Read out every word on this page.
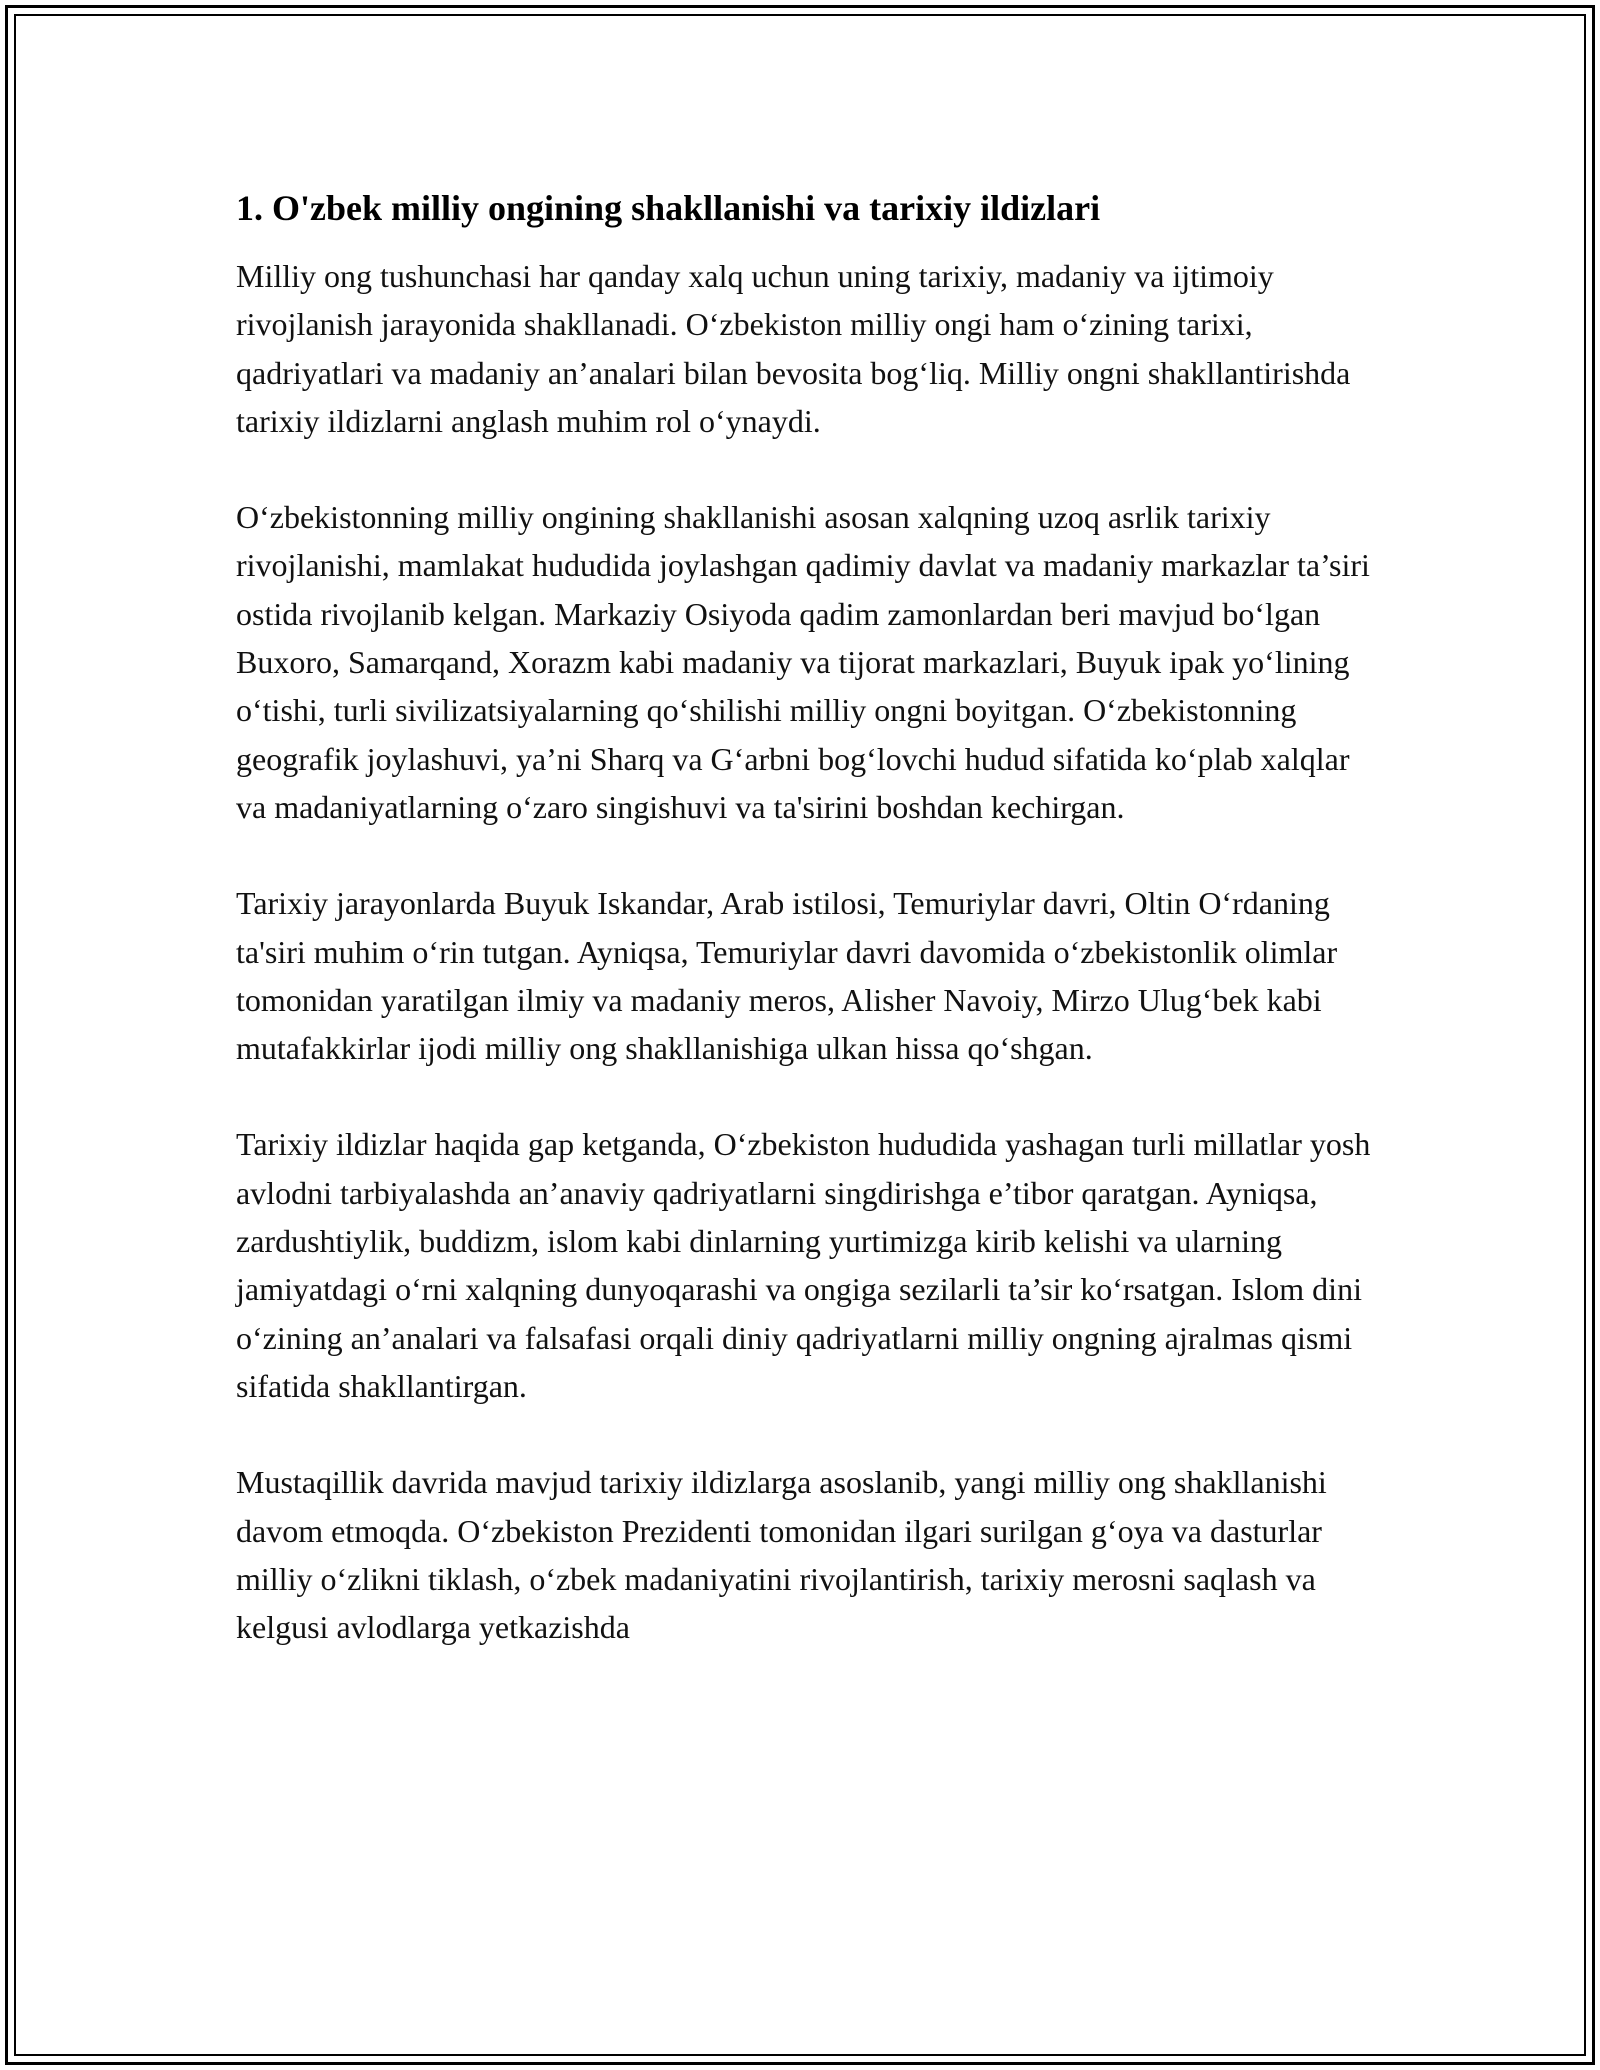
1. O'zbek milliy ongining shakllanishi va tarixiy ildizlari

Milliy ong tushunchasi har qanday xalq uchun uning tarixiy, madaniy va ijtimoiy rivojlanish jarayonida shakllanadi. O‘zbekiston milliy ongi ham o‘zining tarixi, qadriyatlari va madaniy an’analari bilan bevosita bog‘liq. Milliy ongni shakllantirishda tarixiy ildizlarni anglash muhim rol o‘ynaydi.

O‘zbekistonning milliy ongining shakllanishi asosan xalqning uzoq asrlik tarixiy rivojlanishi, mamlakat hududida joylashgan qadimiy davlat va madaniy markazlar ta’siri ostida rivojlanib kelgan. Markaziy Osiyoda qadim zamonlardan beri mavjud bo‘lgan Buxoro, Samarqand, Xorazm kabi madaniy va tijorat markazlari, Buyuk ipak yo‘lining o‘tishi, turli sivilizatsiyalarning qo‘shilishi milliy ongni boyitgan. O‘zbekistonning geografik joylashuvi, ya’ni Sharq va G‘arbni bog‘lovchi hudud sifatida ko‘plab xalqlar va madaniyatlarning o‘zaro singishuvi va ta'sirini boshdan kechirgan.

Tarixiy jarayonlarda Buyuk Iskandar, Arab istilosi, Temuriylar davri, Oltin O‘rdaning ta'siri muhim o‘rin tutgan. Ayniqsa, Temuriylar davri davomida o‘zbekistonlik olimlar tomonidan yaratilgan ilmiy va madaniy meros, Alisher Navoiy, Mirzo Ulug‘bek kabi mutafakkirlar ijodi milliy ong shakllanishiga ulkan hissa qo‘shgan.

Tarixiy ildizlar haqida gap ketganda, O‘zbekiston hududida yashagan turli millatlar yosh avlodni tarbiyalashda an’anaviy qadriyatlarni singdirishga e’tibor qaratgan. Ayniqsa, zardushtiylik, buddizm, islom kabi dinlarning yurtimizga kirib kelishi va ularning jamiyatdagi o‘rni xalqning dunyoqarashi va ongiga sezilarli ta’sir ko‘rsatgan. Islom dini o‘zining an’analari va falsafasi orqali diniy qadriyatlarni milliy ongning ajralmas qismi sifatida shakllantirgan.

Mustaqillik davrida mavjud tarixiy ildizlarga asoslanib, yangi milliy ong shakllanishi davom etmoqda. O‘zbekiston Prezidenti tomonidan ilgari surilgan g‘oya va dasturlar milliy o‘zlikni tiklash, o‘zbek madaniyatini rivojlantirish, tarixiy merosni saqlash va kelgusi avlodlarga yetkazishda
